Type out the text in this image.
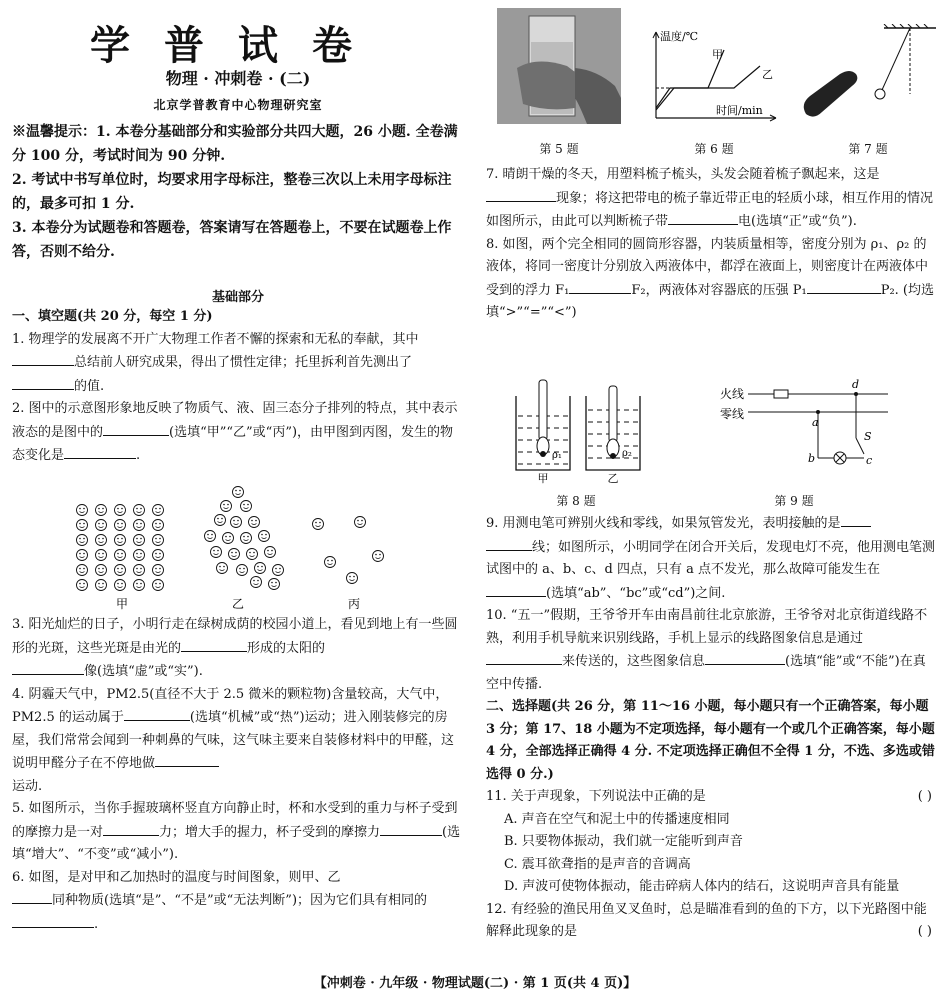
学普试卷
物理 · 冲刺卷 · (二)
北京学普教育中心物理研究室

※温馨提示：1. 本卷分基础部分和实验部分共四大题，26 小题. 全卷满分 100 分，考试时间为 90 分钟.

2. 考试中书写单位时，均要求用字母标注，整卷三次以上未用字母标注的，最多可扣 1 分.

3. 本卷分为试题卷和答题卷，答案请写在答题卷上，不要在试题卷上作答，否则不给分.

基础部分

一、填空题(共 20 分，每空 1 分)

1. 物理学的发展离不开广大物理工作者不懈的探索和无私的奉献，其中总结前人研究成果，得出了惯性定律；托里拆利首先测出了的值.

2. 图中的示意图形象地反映了物质气、液、固三态分子排列的特点，其中表示液态的是图中的	(选填“甲”“乙”或“丙”)，由甲图到丙图，发生的物态变化是	.

甲	乙	丙

3. 阳光灿烂的日子，小明行走在绿树成荫的校园小道上，看见到地上有一些圆形的光斑，这些光斑是由光的	形成的太阳的
像(选填“虚”或“实”).

4. 阴霾天气中，PM2.5(直径不大于 2.5 微米的颗粒物)含量较高，大气中，PM2.5 的运动属于	(选填“机械”或“热”)运动；进入刚装修完的房屋，我们常常会闻到一种刺鼻的气味，这气味主要来自装修材料中的甲醛，这说明甲醛分子在不停地做
运动.

5. 如图所示，当你手握玻璃杯竖直方向静止时，杯和水受到的重力与杯子受到的摩擦力是一对	力；增大手的握力，杯子受到的摩擦力	(选填“增大”、“不变”或“减小”).

6. 如图，是对甲和乙加热时的温度与时间图象，则甲、乙
同种物质(选填“是”、“不是”或“无法判断”)；因为它们具有相同的.

第 5 题
温度/℃
时间/min
甲
乙
第 6 题	第 7 题

7. 晴朗干燥的冬天，用塑料梳子梳头，头发会随着梳子飘起来，这是
现象；将这把带电的梳子靠近带正电的轻质小球，相互作用的情况如图所示，由此可以判断梳子带	电(选填“正”或“负”).

8. 如图，两个完全相同的圆筒形容器，内装质量相等，密度分别为 ρ₁、ρ₂ 的液体，将同一密度计分别放入两液体中，都浮在液面上，则密度计在两液体中受到的浮力 F₁	F₂，两液体对容器底的压强 P₁	P₂. (均选填“>”“=”“<”)

ρ₁	ρ₂
甲	乙
第 8 题
火线
零线
a
b	c
d
S
第 9 题

9. 用测电笔可辨别火线和零线，如果氖管发光，表明接触的是
线；如图所示，小明同学在闭合开关后，发现电灯不亮，他用测电笔测试图中的 a、b、c、d 四点，只有 a 点不发光，那么故障可能发生在(选填“ab”、“bc”或“cd”)之间.

10. “五一”假期，王爷爷开车由南昌前往北京旅游，王爷爷对北京街道线路不熟，利用手机导航来识别线路，手机上显示的线路图象信息是通过来传送的，这些图象信息	(选填“能”或“不能”)在真空中传播.

二、选择题(共 26 分，第 11～16 小题，每小题只有一个正确答案，每小题 3 分；第 17、18 小题为不定项选择，每小题有一个或几个正确答案，每小题 4 分，全部选择正确得 4 分. 不定项选择正确但不全得 1 分，不选、多选或错选得 0 分.)

11. 关于声现象，下列说法中正确的是	( )

A. 声音在空气和泥土中的传播速度相同

B. 只要物体振动，我们就一定能听到声音

C. 震耳欲聋指的是声音的音调高

D. 声波可使物体振动，能击碎病人体内的结石，这说明声音具有能量

12. 有经验的渔民用鱼叉叉鱼时，总是瞄准看到的鱼的下方，以下光路图中能解释此现象的是	( )

【冲刺卷 · 九年级 · 物理试题(二) · 第 1 页(共 4 页)】
